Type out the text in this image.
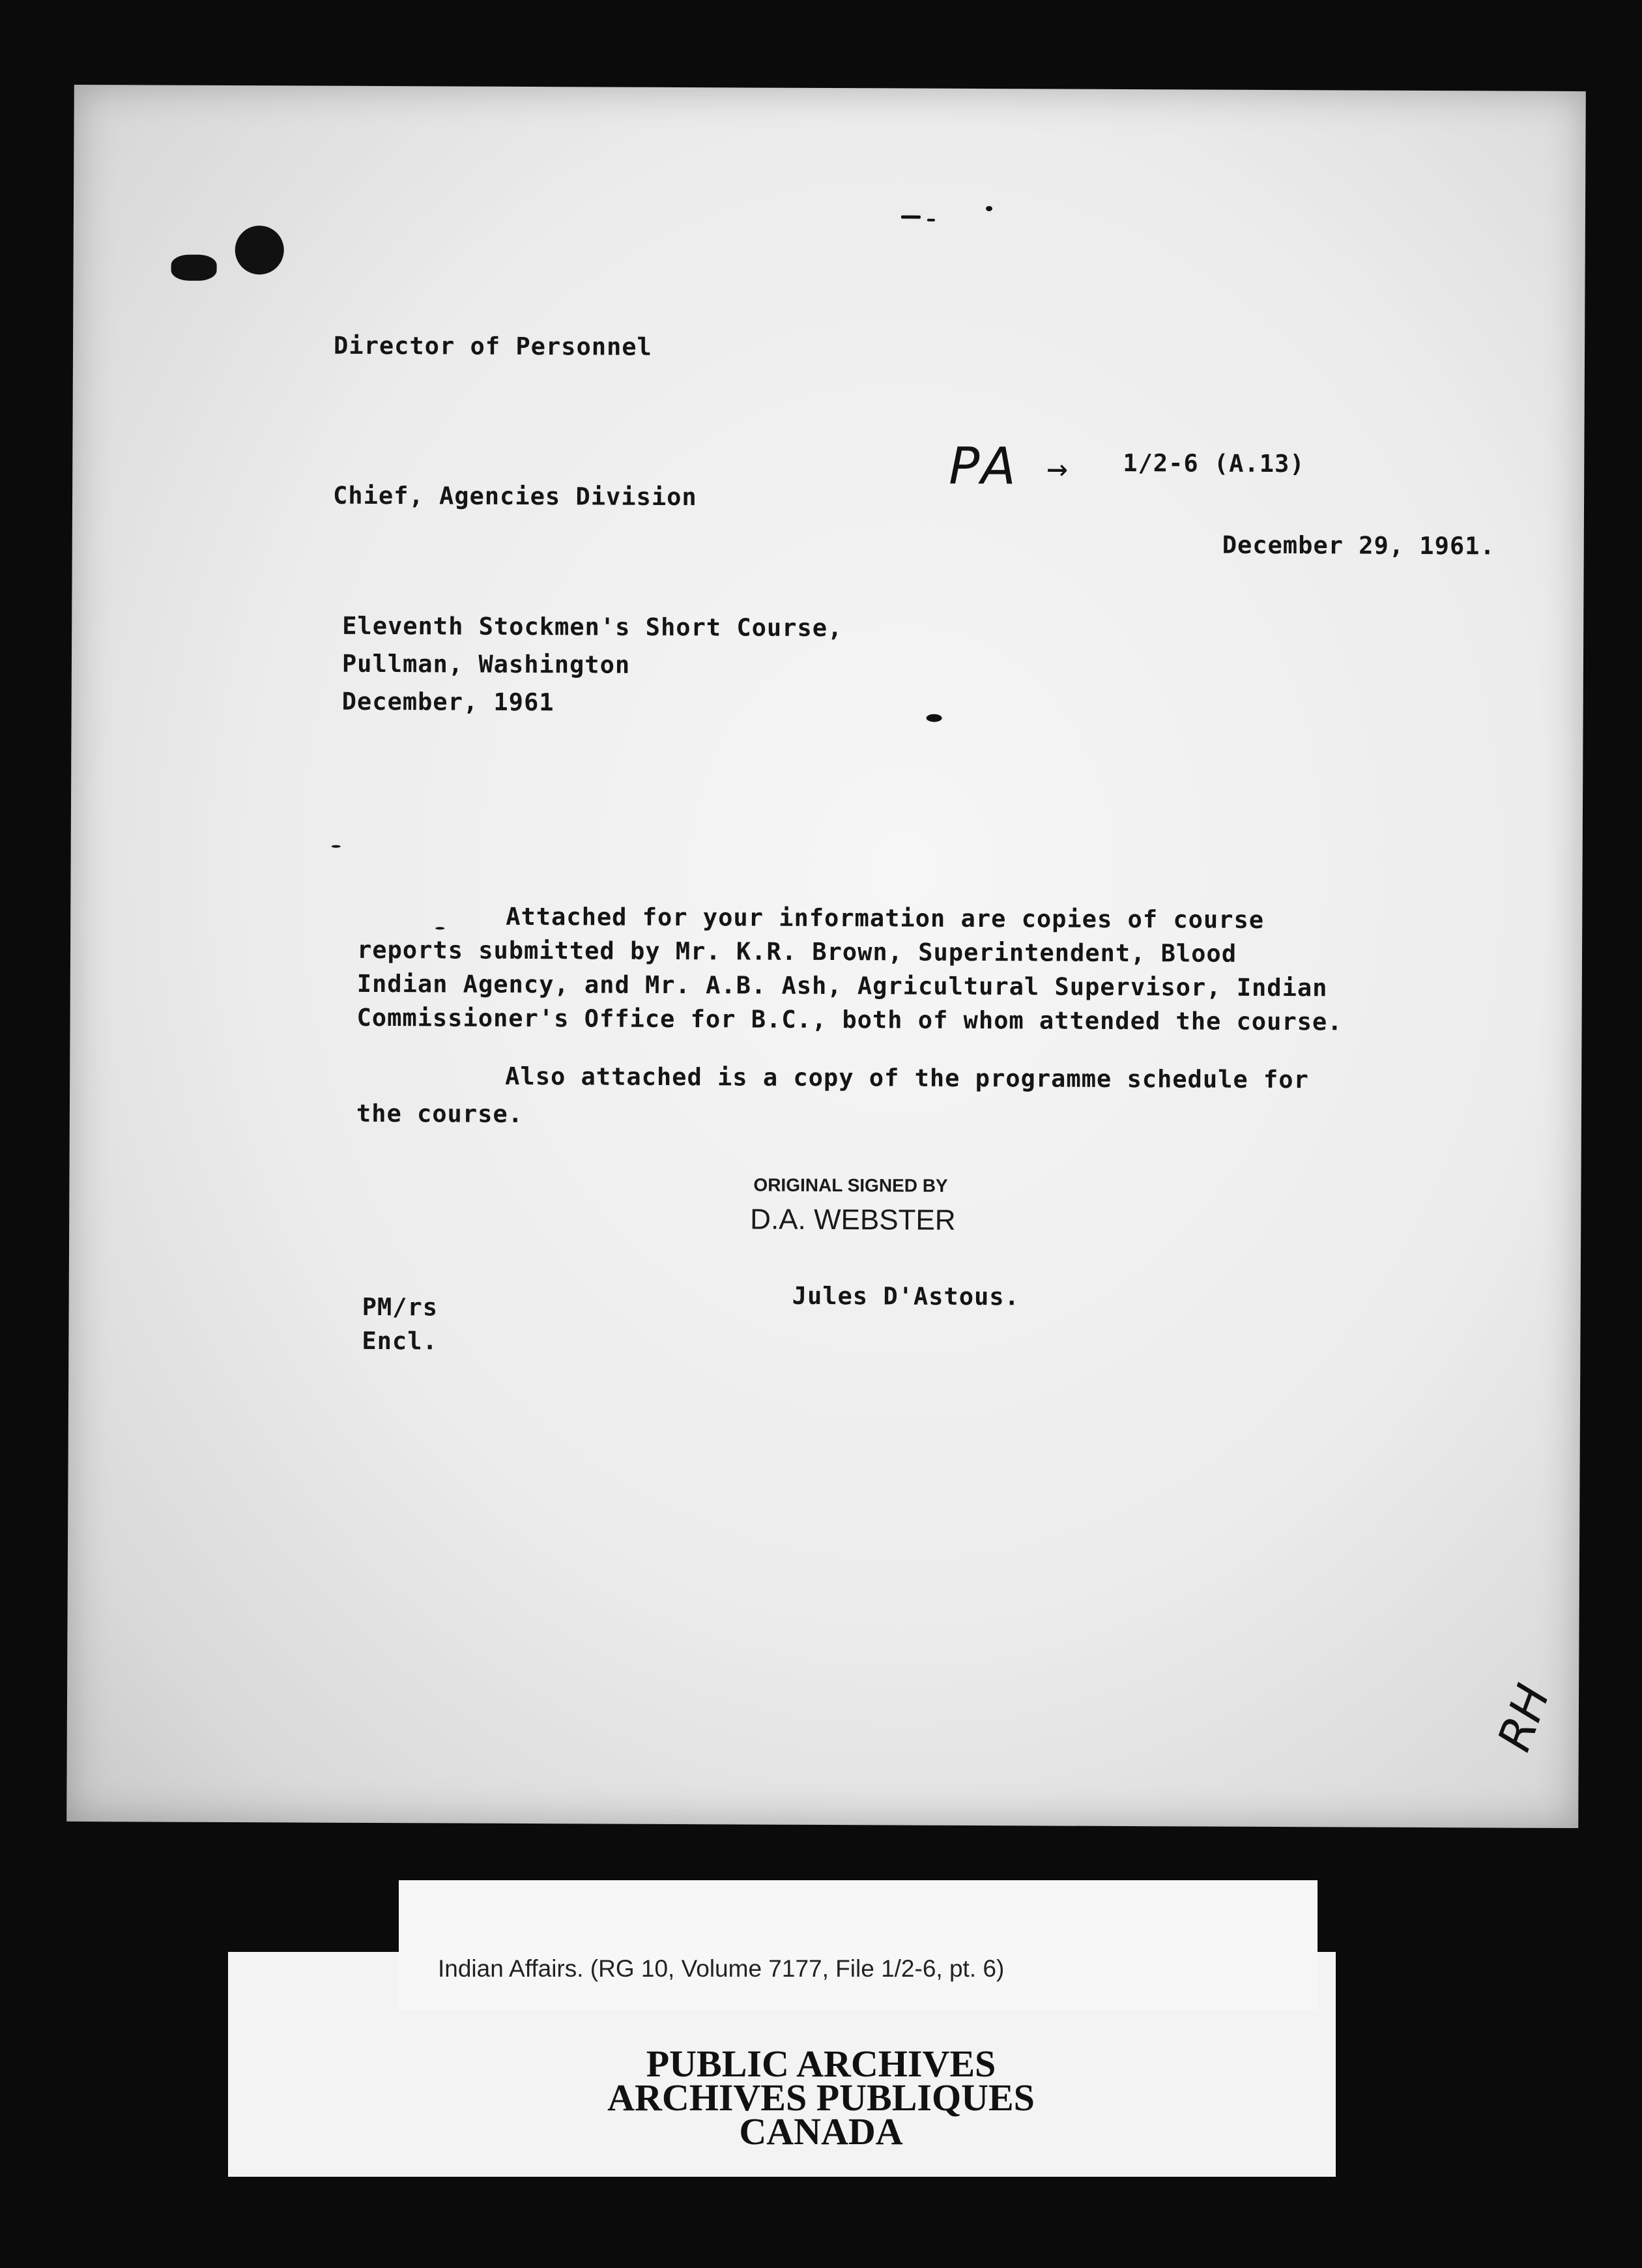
Director of Personnel
PA → 1/2-6 (A.13)
Chief, Agencies Division
December 29, 1961.
Eleventh Stockmen's Short Course,
Pullman, Washington
December, 1961
Attached for your information are copies of course
reports submitted by Mr. K.R. Brown, Superintendent, Blood
Indian Agency, and Mr. A.B. Ash, Agricultural Supervisor, Indian
Commissioner's Office for B.C., both of whom attended the course.
Also attached is a copy of the programme schedule for
the course.
ORIGINAL SIGNED BY
D.A. WEBSTER
Jules D'Astous.
PM/rs
Encl.
RH
Indian Affairs. (RG 10, Volume 7177, File 1/2-6, pt. 6)
PUBLIC ARCHIVES
ARCHIVES PUBLIQUES
CANADA
